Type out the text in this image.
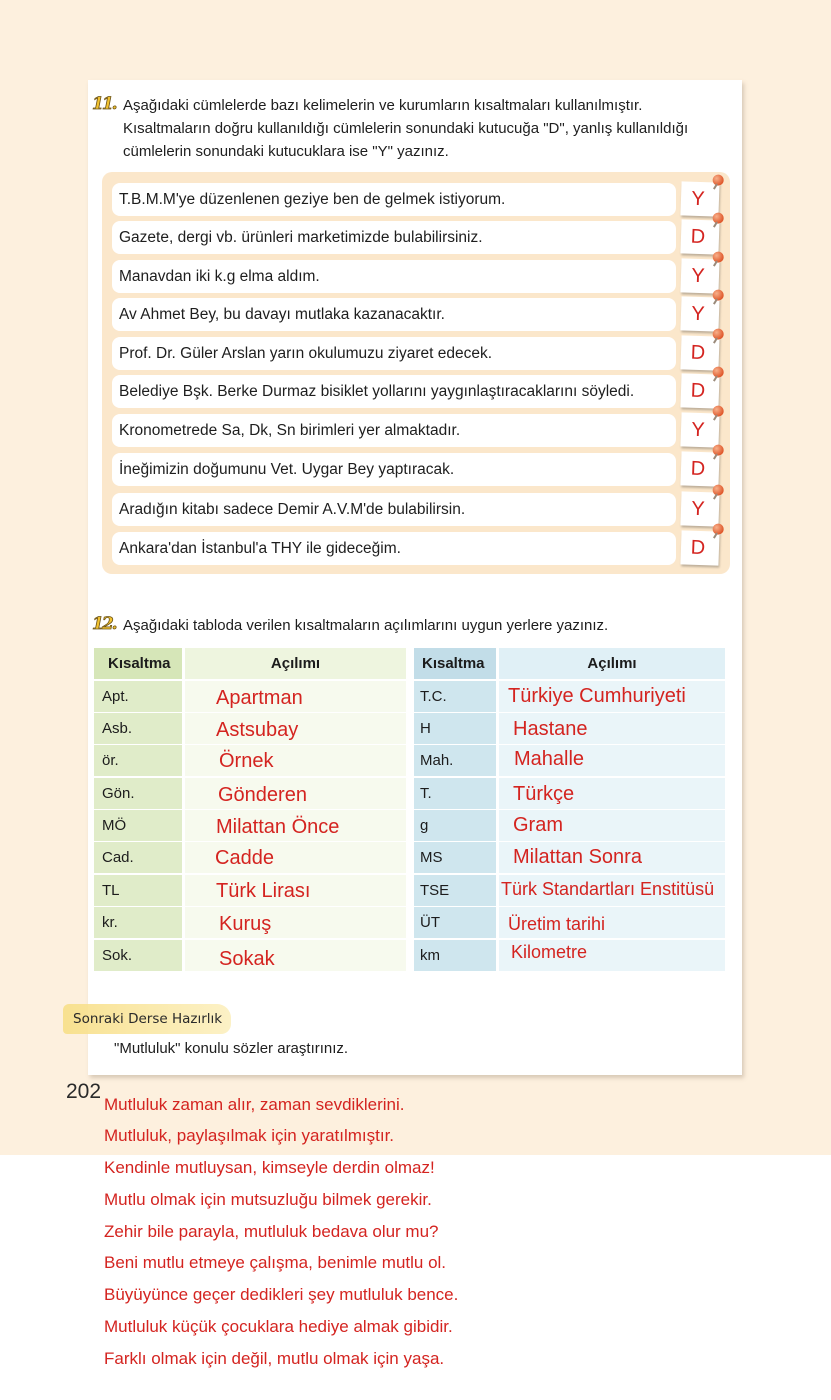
11. Aşağıdaki cümlelerde bazı kelimelerin ve kurumların kısaltmaları kullanılmıştır.
Kısaltmaların doğru kullanıldığı cümlelerin sonundaki kutucuğa "D", yanlış kullanıldığı
cümlelerin sonundaki kutucuklara ise "Y" yazınız.
T.B.M.M'ye düzenlenen geziye ben de gelmek istiyorum.	Y
Gazete, dergi vb. ürünleri marketimizde bulabilirsiniz.	D
Manavdan iki k.g elma aldım.	Y
Av Ahmet Bey, bu davayı mutlaka kazanacaktır.	Y
Prof. Dr. Güler Arslan yarın okulumuzu ziyaret edecek.	D
Belediye Bşk. Berke Durmaz bisiklet yollarını yaygınlaştıracaklarını söyledi.	D
Kronometrede Sa, Dk, Sn birimleri yer almaktadır.	Y
İneğimizin doğumunu Vet. Uygar Bey yaptıracak.	D
Aradığın kitabı sadece Demir A.V.M'de bulabilirsin.	Y
Ankara'dan İstanbul'a THY ile gideceğim.	D
12. Aşağıdaki tabloda verilen kısaltmaların açılımlarını uygun yerlere yazınız.
Kısaltma	Açılımı
Apt.	Apartman
Asb.	Astsubay
ör.	Örnek
Gön.	Gönderen
MÖ	Milattan Önce
Cad.	Cadde
TL	Türk Lirası
kr.	Kuruş
Sok.	Sokak
Kısaltma	Açılımı
T.C.	Türkiye Cumhuriyeti
H	Hastane
Mah.	Mahalle
T.	Türkçe
g	Gram
MS	Milattan Sonra
TSE	Türk Standartları Enstitüsü
ÜT	Üretim tarihi
km	Kilometre
Sonraki Derse Hazırlık
"Mutluluk" konulu sözler araştırınız.
202
Mutluluk zaman alır, zaman sevdiklerini.
Mutluluk, paylaşılmak için yaratılmıştır.
Kendinle mutluysan, kimseyle derdin olmaz!
Mutlu olmak için mutsuzluğu bilmek gerekir.
Zehir bile parayla, mutluluk bedava olur mu?
Beni mutlu etmeye çalışma, benimle mutlu ol.
Büyüyünce geçer dedikleri şey mutluluk bence.
Mutluluk küçük çocuklara hediye almak gibidir.
Farklı olmak için değil, mutlu olmak için yaşa.
